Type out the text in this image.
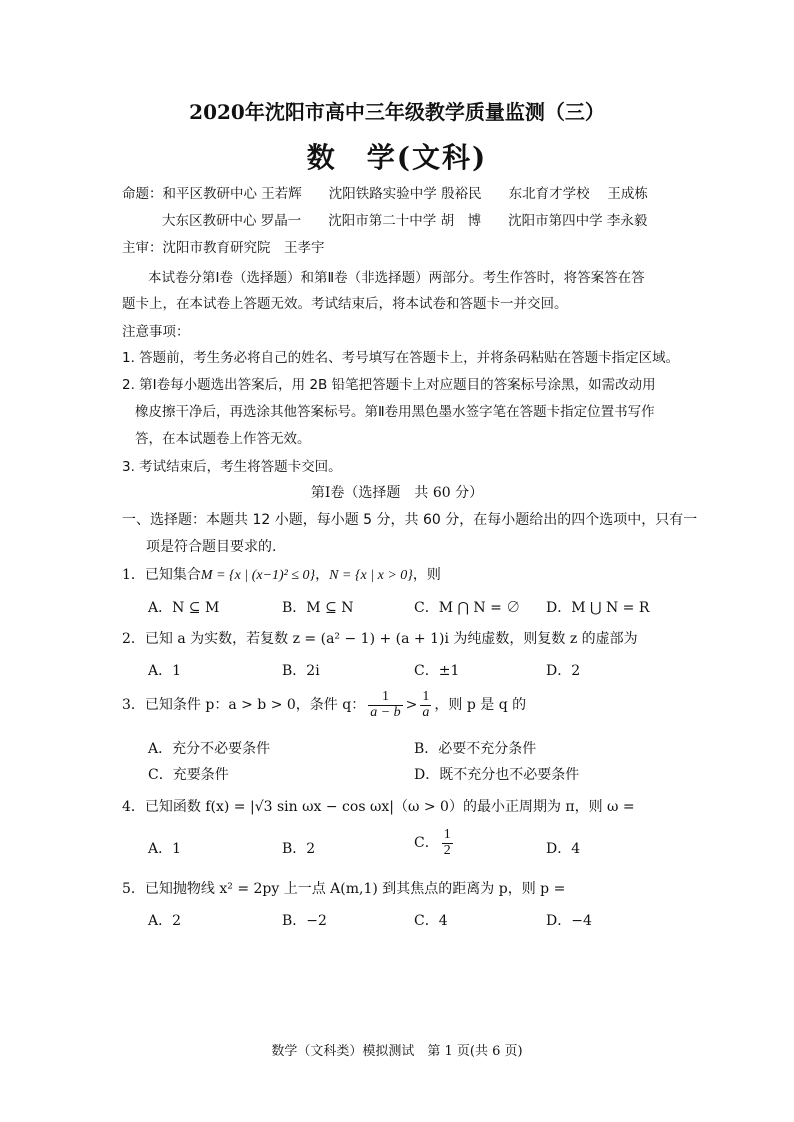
2020年沈阳市高中三年级教学质量监测（三）
数　学(文科)
命题：和平区教研中心 王若辉　　沈阳铁路实验中学 殷裕民　　东北育才学校　 王成栋
大东区教研中心 罗晶一　　沈阳市第二十中学 胡　博　　沈阳市第四中学 李永毅
主审：沈阳市教育研究院　王孝宇
本试卷分第Ⅰ卷（选择题）和第Ⅱ卷（非选择题）两部分。考生作答时，将答案答在答
题卡上，在本试卷上答题无效。考试结束后，将本试卷和答题卡一并交回。
注意事项：
1. 答题前，考生务必将自己的姓名、考号填写在答题卡上，并将条码粘贴在答题卡指定区域。
2. 第Ⅰ卷每小题选出答案后，用 2B 铅笔把答题卡上对应题目的答案标号涂黑，如需改动用
橡皮擦干净后，再选涂其他答案标号。第Ⅱ卷用黑色墨水签字笔在答题卡指定位置书写作
答，在本试题卷上作答无效。
3. 考试结束后，考生将答题卡交回。
第Ⅰ卷（选择题　共 60 分）
一、选择题：本题共 12 小题，每小题 5 分，共 60 分，在每小题给出的四个选项中，只有一
项是符合题目要求的.
1．已知集合M = {x | (x−1)² ≤ 0}，N = {x | x > 0}，则
A．N ⊆ M	B．M ⊆ N	C．M ⋂ N = ∅ D．M ⋃ N = R
2．已知 a 为实数，若复数 z = (a² − 1) + (a + 1)i 为纯虚数，则复数 z 的虚部为
A．1	B．2i	C．±1	D．2
3．已知条件 p：a > b > 0，条件 q： $\frac{1}{a - b} > \frac{1}{a}$ ，则 p 是 q 的
A．充分不必要条件	B．必要不充分条件
C．充要条件	D．既不充分也不必要条件
4．已知函数 f(x) = |√3 sin ωx − cos ωx|（ω > 0）的最小正周期为 π，则 ω =
A．1	B．2	C． $\frac{1}{2}$	D．4
5．已知抛物线 x² = 2py 上一点 A(m,1) 到其焦点的距离为 p，则 p =
A．2	B．−2	C．4	D．−4
数学（文科类）模拟测试　第 1 页(共 6 页)
